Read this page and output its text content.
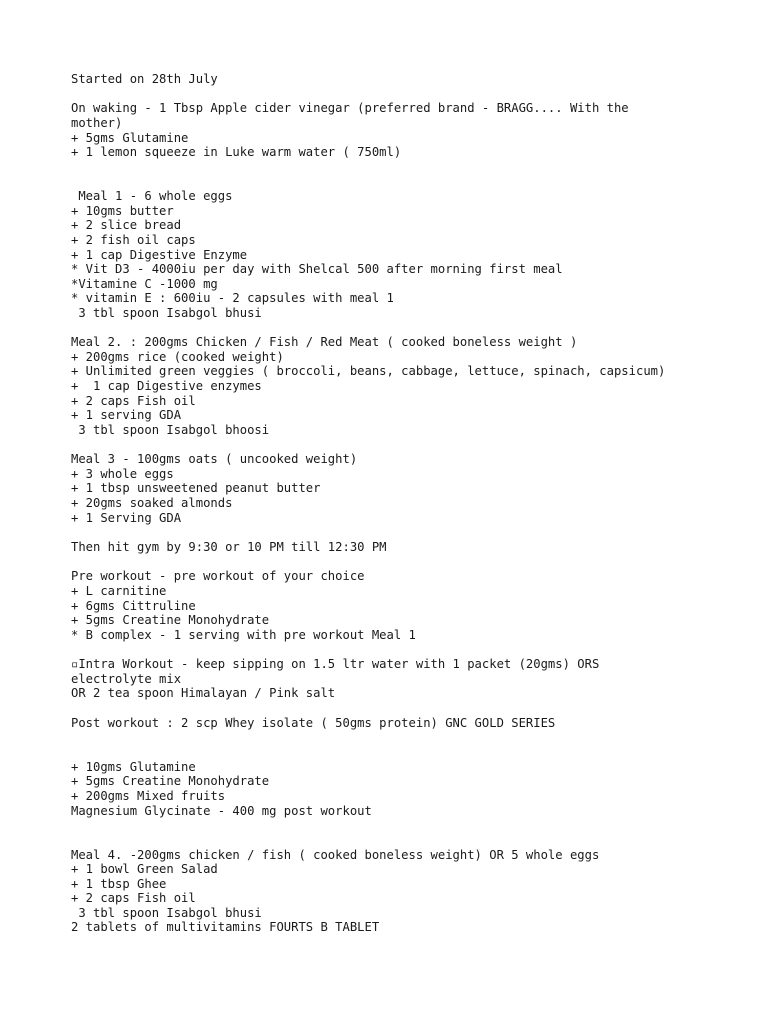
Started on 28th July
On waking - 1 Tbsp Apple cider vinegar (preferred brand - BRAGG.... With the
mother)
+ 5gms Glutamine
+ 1 lemon squeeze in Luke warm water ( 750ml)
Meal 1 - 6 whole eggs
+ 10gms butter
+ 2 slice bread
+ 2 fish oil caps
+ 1 cap Digestive Enzyme
* Vit D3 - 4000iu per day with Shelcal 500 after morning first meal
*Vitamine C -1000 mg
* vitamin E : 600iu - 2 capsules with meal 1
3 tbl spoon Isabgol bhusi
Meal 2. : 200gms Chicken / Fish / Red Meat ( cooked boneless weight )
+ 200gms rice (cooked weight)
+ Unlimited green veggies ( broccoli, beans, cabbage, lettuce, spinach, capsicum)
+  1 cap Digestive enzymes
+ 2 caps Fish oil
+ 1 serving GDA
3 tbl spoon Isabgol bhoosi
Meal 3 - 100gms oats ( uncooked weight)
+ 3 whole eggs
+ 1 tbsp unsweetened peanut butter
+ 20gms soaked almonds
+ 1 Serving GDA
Then hit gym by 9:30 or 10 PM till 12:30 PM
Pre workout - pre workout of your choice
+ L carnitine
+ 6gms Cittruline
+ 5gms Creatine Monohydrate
* B complex - 1 serving with pre workout Meal 1
▫Intra Workout - keep sipping on 1.5 ltr water with 1 packet (20gms) ORS
electrolyte mix
OR 2 tea spoon Himalayan / Pink salt
Post workout : 2 scp Whey isolate ( 50gms protein) GNC GOLD SERIES
+ 10gms Glutamine
+ 5gms Creatine Monohydrate
+ 200gms Mixed fruits
Magnesium Glycinate - 400 mg post workout
Meal 4. -200gms chicken / fish ( cooked boneless weight) OR 5 whole eggs
+ 1 bowl Green Salad
+ 1 tbsp Ghee
+ 2 caps Fish oil
3 tbl spoon Isabgol bhusi
2 tablets of multivitamins FOURTS B TABLET
